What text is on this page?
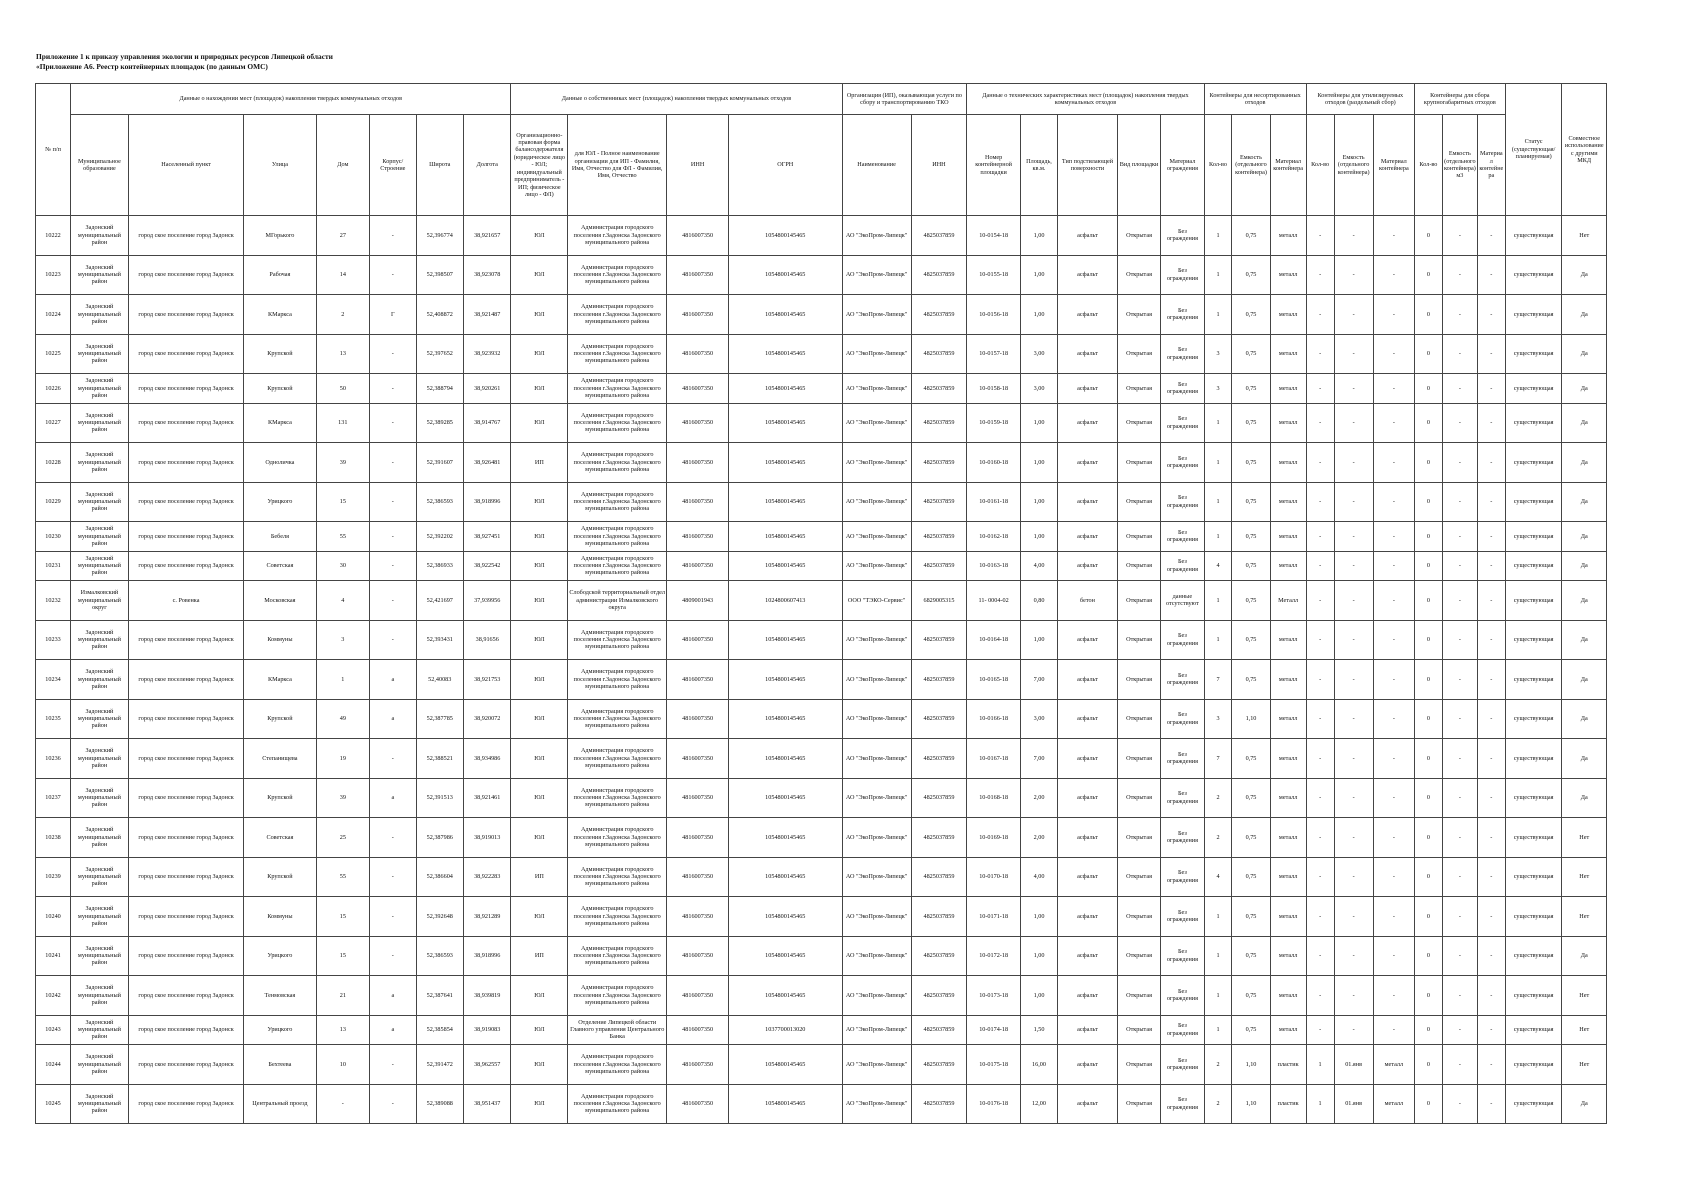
Приложение 1 к приказу управления экологии и природных ресурсов Липецкой области
«Приложение А6. Реестр контейнерных площадок (по данным ОМС)
№ п/п	Данные о нахождении мест (площадок) накопления твердых коммунальных отходов							Данные о собственниках мест (площадок) накопления твердых коммунальных отходов				Организация (ИП), оказывающая услуги по сбору и транспортированию ТКО		Данные о технических характеристиках мест (площадок) накопления твердых коммунальных отходов					Контейнеры для несортированных отходов			Контейнеры для утилизируемых отходов (раздельный сбор)			Контейнеры для сбора крупногабаритных отходов			Статус (существующая/ планируемая)	Совместное использование с другими МКД
	Муниципальное образование	Населенный пункт	Улица	Дом	Корпус/Строение	Широта	Долгота	Организационно-правовая форма балансодержателя (юридическое лицо - ЮЛ; индивидуальный предприниматель - ИП; физическое лицо - ФЛ)	для ЮЛ - Полное наименование организации для ИП - Фамилия, Имя, Отчество для ФЛ - Фамилия, Имя, Отчество	ИНН	ОГРН	Наименование	ИНН	Номер контейнерной площадки	Площадь, кв.м.	Тип подстилающей поверхности	Вид площадки	Материал ограждения	Кол-во	Емкость (отдельного контейнера)	Материал контейнера	Кол-во	Емкость (отдельного контейнера)	Материал контейнера	Кол-во	Емкость (отдельного контейнера) м3	Материал контейнера		
10222	Задонский муниципальный район	город ское поселение город Задонск	МГорького	27	-	52,396774	38,921657	ЮЛ	Администрация городского поселения г.Задонска Задонского муниципального района	4816007350	1054800145465	АО "ЭкоПром-Липецк"	4825037859	10-0154-18	1,00	асфальт	Открытая	Без ограждения	1	0,75	металл	-	-	-	0	-	-	существующая	Нет
10223	Задонский муниципальный район	город ское поселение город Задонск	Рабочая	14	-	52,398507	38,923078	ЮЛ	Администрация городского поселения г.Задонска Задонского муниципального района	4816007350	1054800145465	АО "ЭкоПром-Липецк"	4825037859	10-0155-18	1,00	асфальт	Открытая	Без ограждения	1	0,75	металл	-	-	-	0	-	-	существующая	Да
10224	Задонский муниципальный район	город ское поселение город Задонск	КМаркса	2	Г	52,408872	38,921487	ЮЛ	Администрация городского поселения г.Задонска Задонского муниципального района	4816007350	1054800145465	АО "ЭкоПром-Липецк"	4825037859	10-0156-18	1,00	асфальт	Открытая	Без ограждения	1	0,75	металл	-	-	-	0	-	-	существующая	Да
10225	Задонский муниципальный район	город ское поселение город Задонск	Крупской	13	-	52,397652	38,923932	ЮЛ	Администрация городского поселения г.Задонска Задонского муниципального района	4816007350	1054800145465	АО "ЭкоПром-Липецк"	4825037859	10-0157-18	3,00	асфальт	Открытая	Без ограждения	3	0,75	металл	-	-	-	0	-	-	существующая	Да
10226	Задонский муниципальный район	город ское поселение город Задонск	Крупской	50	-	52,388794	38,920261	ЮЛ	Администрация городского поселения г.Задонска Задонского муниципального района	4816007350	1054800145465	АО "ЭкоПром-Липецк"	4825037859	10-0158-18	3,00	асфальт	Открытая	Без ограждения	3	0,75	металл	-	-	-	0	-	-	существующая	Да
10227	Задонский муниципальный район	город ское поселение город Задонск	КМаркса	131	-	52,389285	38,914767	ЮЛ	Администрация городского поселения г.Задонска Задонского муниципального района	4816007350	1054800145465	АО "ЭкоПром-Липецк"	4825037859	10-0159-18	1,00	асфальт	Открытая	Без ограждения	1	0,75	металл	-	-	-	0	-	-	существующая	Да
10228	Задонский муниципальный район	город ское поселение город Задонск	Одноличка	39	-	52,391607	38,926481	ИП	Администрация городского поселения г.Задонска Задонского муниципального района	4816007350	1054800145465	АО "ЭкоПром-Липецк"	4825037859	10-0160-18	1,00	асфальт	Открытая	Без ограждения	1	0,75	металл	-	-	-	0	-	-	существующая	Да
10229	Задонский муниципальный район	город ское поселение город Задонск	Урицкого	15	-	52,386593	38,918996	ЮЛ	Администрация городского поселения г.Задонска Задонского муниципального района	4816007350	1054800145465	АО "ЭкоПром-Липецк"	4825037859	10-0161-18	1,00	асфальт	Открытая	Без ограждения	1	0,75	металл	-	-	-	0	-	-	существующая	Да
10230	Задонский муниципальный район	город ское поселение город Задонск	Бебеля	55	-	52,392202	38,927451	ЮЛ	Администрация городского поселения г.Задонска Задонского муниципального района	4816007350	1054800145465	АО "ЭкоПром-Липецк"	4825037859	10-0162-18	1,00	асфальт	Открытая	Без ограждения	1	0,75	металл	-	-	-	0	-	-	существующая	Да
10231	Задонский муниципальный район	город ское поселение город Задонск	Советская	30	-	52,386933	38,922542	ЮЛ	Администрация городского поселения г.Задонска Задонского муниципального района	4816007350	1054800145465	АО "ЭкоПром-Липецк"	4825037859	10-0163-18	4,00	асфальт	Открытая	Без ограждения	4	0,75	металл	-	-	-	0	-	-	существующая	Да
10232	Измалковский муниципальный округ	с. Ровенка	Московская	4	-	52,421697	37,939956	ЮЛ	Слободской территориальный отдел администрации Измалковского округа	4809001943	1024800607413	ООО "ТЭКО-Сервис"	6829005315	11- 0004-02	0,80	бетон	Открытая	данные отсутствуют	1	0,75	Металл	-	-	-	0	-	-	существующая	Да
10233	Задонский муниципальный район	город ское поселение город Задонск	Коммуны	3	-	52,393431	38,91656	ЮЛ	Администрация городского поселения г.Задонска Задонского муниципального района	4816007350	1054800145465	АО "ЭкоПром-Липецк"	4825037859	10-0164-18	1,00	асфальт	Открытая	Без ограждения	1	0,75	металл	-	-	-	0	-	-	существующая	Да
10234	Задонский муниципальный район	город ское поселение город Задонск	КМаркса	1	а	52,40083	38,921753	ЮЛ	Администрация городского поселения г.Задонска Задонского муниципального района	4816007350	1054800145465	АО "ЭкоПром-Липецк"	4825037859	10-0165-18	7,00	асфальт	Открытая	Без ограждения	7	0,75	металл	-	-	-	0	-	-	существующая	Да
10235	Задонский муниципальный район	город ское поселение город Задонск	Крупской	49	а	52,387785	38,920072	ЮЛ	Администрация городского поселения г.Задонска Задонского муниципального района	4816007350	1054800145465	АО "ЭкоПром-Липецк"	4825037859	10-0166-18	3,00	асфальт	Открытая	Без ограждения	3	1,10	металл	-	-	-	0	-	-	существующая	Да
10236	Задонский муниципальный район	город ское поселение город Задонск	Степанищева	19	-	52,388521	38,934986	ЮЛ	Администрация городского поселения г.Задонска Задонского муниципального района	4816007350	1054800145465	АО "ЭкоПром-Липецк"	4825037859	10-0167-18	7,00	асфальт	Открытая	Без ограждения	7	0,75	металл	-	-	-	0	-	-	существующая	Да
10237	Задонский муниципальный район	город ское поселение город Задонск	Крупской	39	а	52,391513	38,921461	ЮЛ	Администрация городского поселения г.Задонска Задонского муниципального района	4816007350	1054800145465	АО "ЭкоПром-Липецк"	4825037859	10-0168-18	2,00	асфальт	Открытая	Без ограждения	2	0,75	металл	-	-	-	0	-	-	существующая	Да
10238	Задонский муниципальный район	город ское поселение город Задонск	Советская	25	-	52,387986	38,919013	ЮЛ	Администрация городского поселения г.Задонска Задонского муниципального района	4816007350	1054800145465	АО "ЭкоПром-Липецк"	4825037859	10-0169-18	2,00	асфальт	Открытая	Без ограждения	2	0,75	металл	-	-	-	0	-	-	существующая	Нет
10239	Задонский муниципальный район	город ское поселение город Задонск	Крупской	55	-	52,386604	38,922283	ИП	Администрация городского поселения г.Задонска Задонского муниципального района	4816007350	1054800145465	АО "ЭкоПром-Липецк"	4825037859	10-0170-18	4,00	асфальт	Открытая	Без ограждения	4	0,75	металл	-	-	-	0	-	-	существующая	Нет
10240	Задонский муниципальный район	город ское поселение город Задонск	Коммуны	15	-	52,392648	38,921289	ЮЛ	Администрация городского поселения г.Задонска Задонского муниципального района	4816007350	1054800145465	АО "ЭкоПром-Липецк"	4825037859	10-0171-18	1,00	асфальт	Открытая	Без ограждения	1	0,75	металл	-	-	-	0	-	-	существующая	Нет
10241	Задонский муниципальный район	город ское поселение город Задонск	Урицкого	15	-	52,386593	38,918996	ИП	Администрация городского поселения г.Задонска Задонского муниципального района	4816007350	1054800145465	АО "ЭкоПром-Липецк"	4825037859	10-0172-18	1,00	асфальт	Открытая	Без ограждения	1	0,75	металл	-	-	-	0	-	-	существующая	Да
10242	Задонский муниципальный район	город ское поселение город Задонск	Тенмовская	21	а	52,387641	38,939819	ЮЛ	Администрация городского поселения г.Задонска Задонского муниципального района	4816007350	1054800145465	АО "ЭкоПром-Липецк"	4825037859	10-0173-18	1,00	асфальт	Открытая	Без ограждения	1	0,75	металл	-	-	-	0	-	-	существующая	Нет
10243	Задонский муниципальный район	город ское поселение город Задонск	Урицкого	13	а	52,385854	38,919083	ЮЛ	Отделение Липецкой области Главного управления Центрального Банка	4816007350	1037700013020	АО "ЭкоПром-Липецк"	4825037859	10-0174-18	1,50	асфальт	Открытая	Без ограждения	1	0,75	металл	-	-	-	0	-	-	существующая	Нет
10244	Задонский муниципальный район	город ское поселение город Задонск	Бехтеева	10	-	52,391472	38,962557	ЮЛ	Администрация городского поселения г.Задонска Задонского муниципального района	4816007350	1054800145465	АО "ЭкоПром-Липецк"	4825037859	10-0175-18	16,00	асфальт	Открытая	Без ограждения	2	1,10	пластик	1	01.янв	металл	0	-	-	существующая	Нет
10245	Задонский муниципальный район	город ское поселение город Задонск	Центральный проезд	-	-	52,389088	38,951437	ЮЛ	Администрация городского поселения г.Задонска Задонского муниципального района	4816007350	1054800145465	АО "ЭкоПром-Липецк"	4825037859	10-0176-18	12,00	асфальт	Открытая	Без ограждения	2	1,10	пластик	1	01.янв	металл	0	-	-	существующая	Да
